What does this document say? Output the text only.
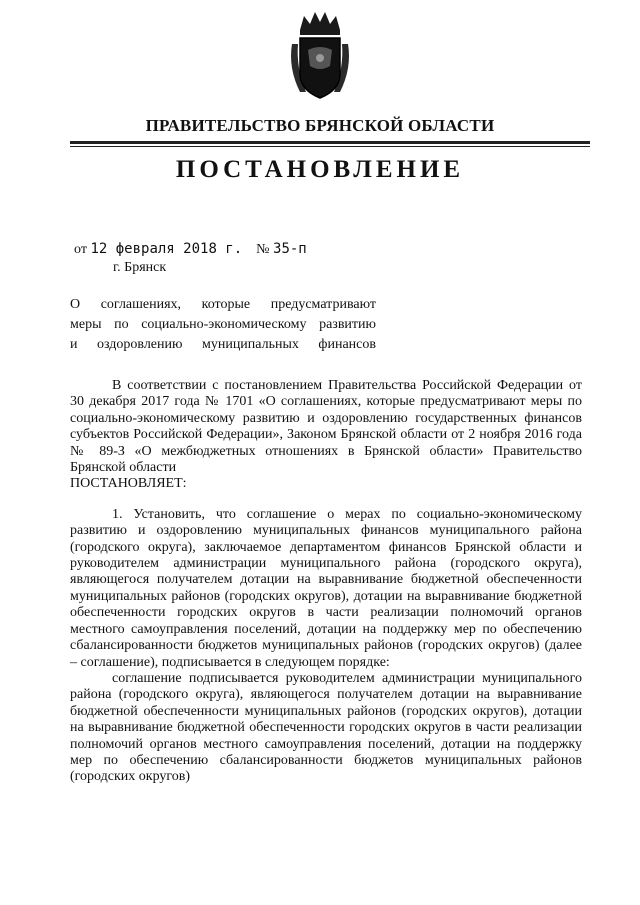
ПРАВИТЕЛЬСТВО БРЯНСКОЙ ОБЛАСТИ
ПОСТАНОВЛЕНИЕ
от 12 февраля 2018 г. № 35-п
г. Брянск
О соглашениях, которые предусматривают
меры по социально-экономическому развитию
и оздоровлению муниципальных финансов

В соответствии с постановлением Правительства Российской Федерации от 30 декабря 2017 года № 1701 «О соглашениях, которые предусматривают меры по социально-экономическому развитию и оздоровлению государственных финансов субъектов Российской Федерации», Законом Брянской области от 2 ноября 2016 года № 89-З «О межбюджетных отношениях в Брянской области» Правительство Брянской области

ПОСТАНОВЛЯЕТ:

1. Установить, что соглашение о мерах по социально-экономическому развитию и оздоровлению муниципальных финансов муниципального района (городского округа), заключаемое департаментом финансов Брянской области и руководителем администрации муниципального района (городского округа), являющегося получателем дотации на выравнивание бюджетной обеспеченности муниципальных районов (городских округов), дотации на выравнивание бюджетной обеспеченности городских округов в части реализации полномочий органов местного самоуправления поселений, дотации на поддержку мер по обеспечению сбалансированности бюджетов муниципальных районов (городских округов) (далее – соглашение), подписывается в следующем порядке:

соглашение подписывается руководителем администрации муниципального района (городского округа), являющегося получателем дотации на выравнивание бюджетной обеспеченности муниципальных районов (городских округов), дотации на выравнивание бюджетной обеспеченности городских округов в части реализации полномочий органов местного самоуправления поселений, дотации на поддержку мер по обеспечению сбалансированности бюджетов муниципальных районов (городских округов)
